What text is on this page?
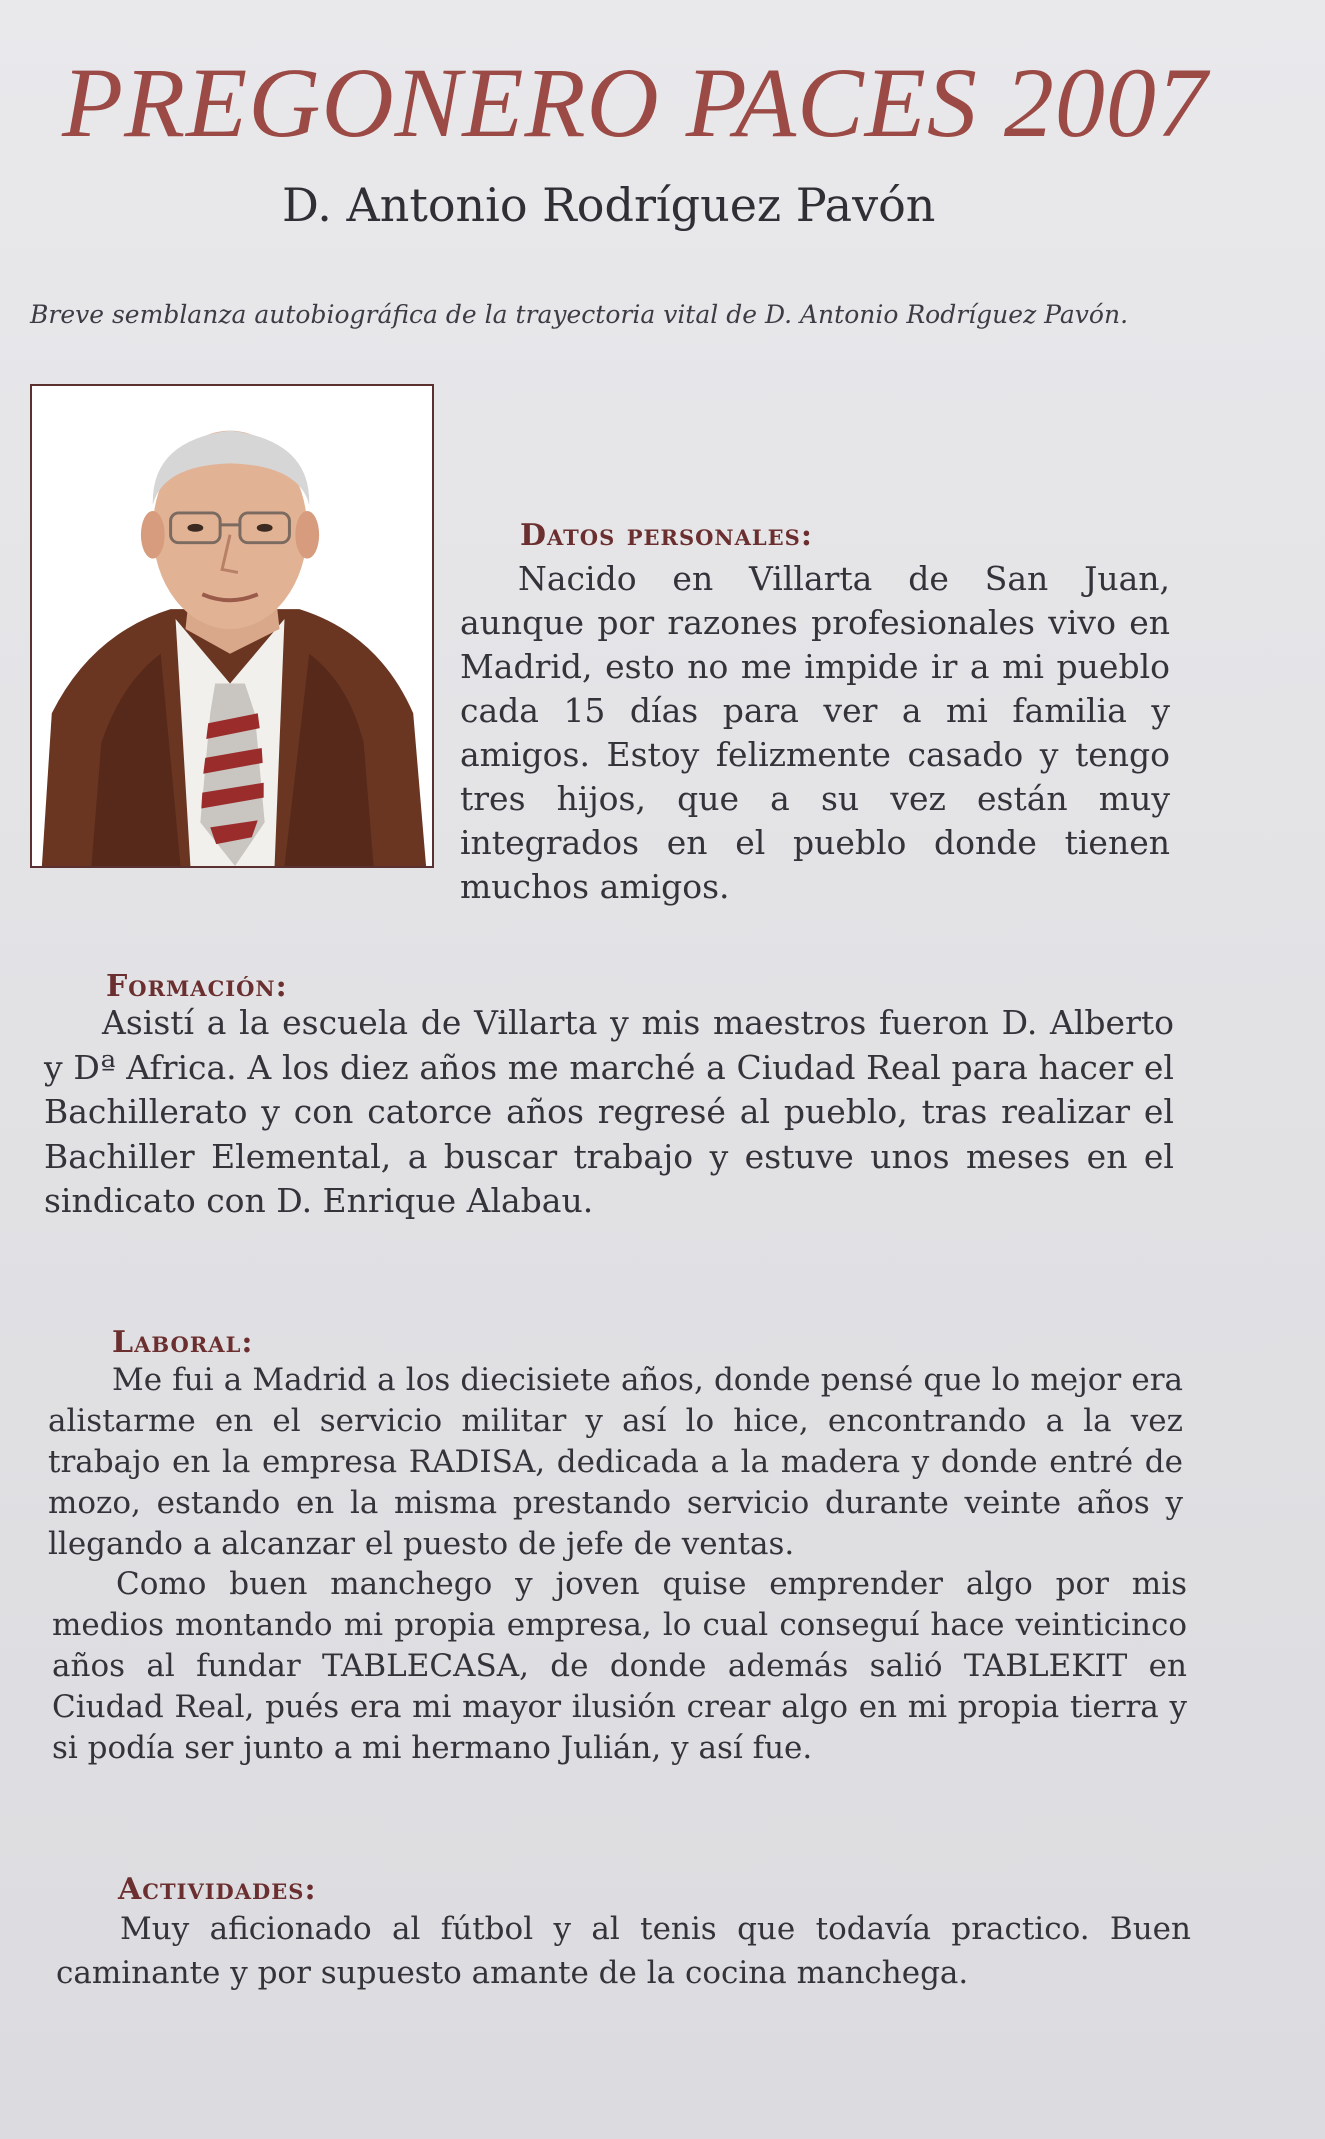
PREGONERO PACES 2007
D. Antonio Rodríguez Pavón
Breve semblanza autobiográfica de la trayectoria vital de D. Antonio Rodríguez Pavón.
Datos personales:
Nacido en Villarta de San Juan, aunque por razones profesionales vivo en Madrid, esto no me impide ir a mi pueblo cada 15 días para ver a mi familia y amigos. Estoy felizmente casado y tengo tres hijos, que a su vez están muy integrados en el pueblo donde tienen muchos amigos.
Formación:
Asistí a la escuela de Villarta y mis maestros fueron D. Alberto y Dª Africa. A los diez años me marché a Ciudad Real para hacer el Bachillerato y con catorce años regresé al pueblo, tras realizar el Bachiller Elemental, a buscar trabajo y estuve unos meses en el sindicato con D. Enrique Alabau.
Laboral:
Me fui a Madrid a los diecisiete años, donde pensé que lo mejor era alistarme en el servicio militar y así lo hice, encontrando a la vez trabajo en la empresa RADISA, dedicada a la madera y donde entré de mozo, estando en la misma prestando servicio durante veinte años y llegando a alcanzar el puesto de jefe de ventas.
Como buen manchego y joven quise emprender algo por mis medios montando mi propia empresa, lo cual conseguí hace veinticinco años al fundar TABLECASA, de donde además salió TABLEKIT en Ciudad Real, pués era mi mayor ilusión crear algo en mi propia tierra y si podía ser junto a mi hermano Julián, y así fue.
Actividades:
Muy aficionado al fútbol y al tenis que todavía practico. Buen caminante y por supuesto amante de la cocina manchega.
